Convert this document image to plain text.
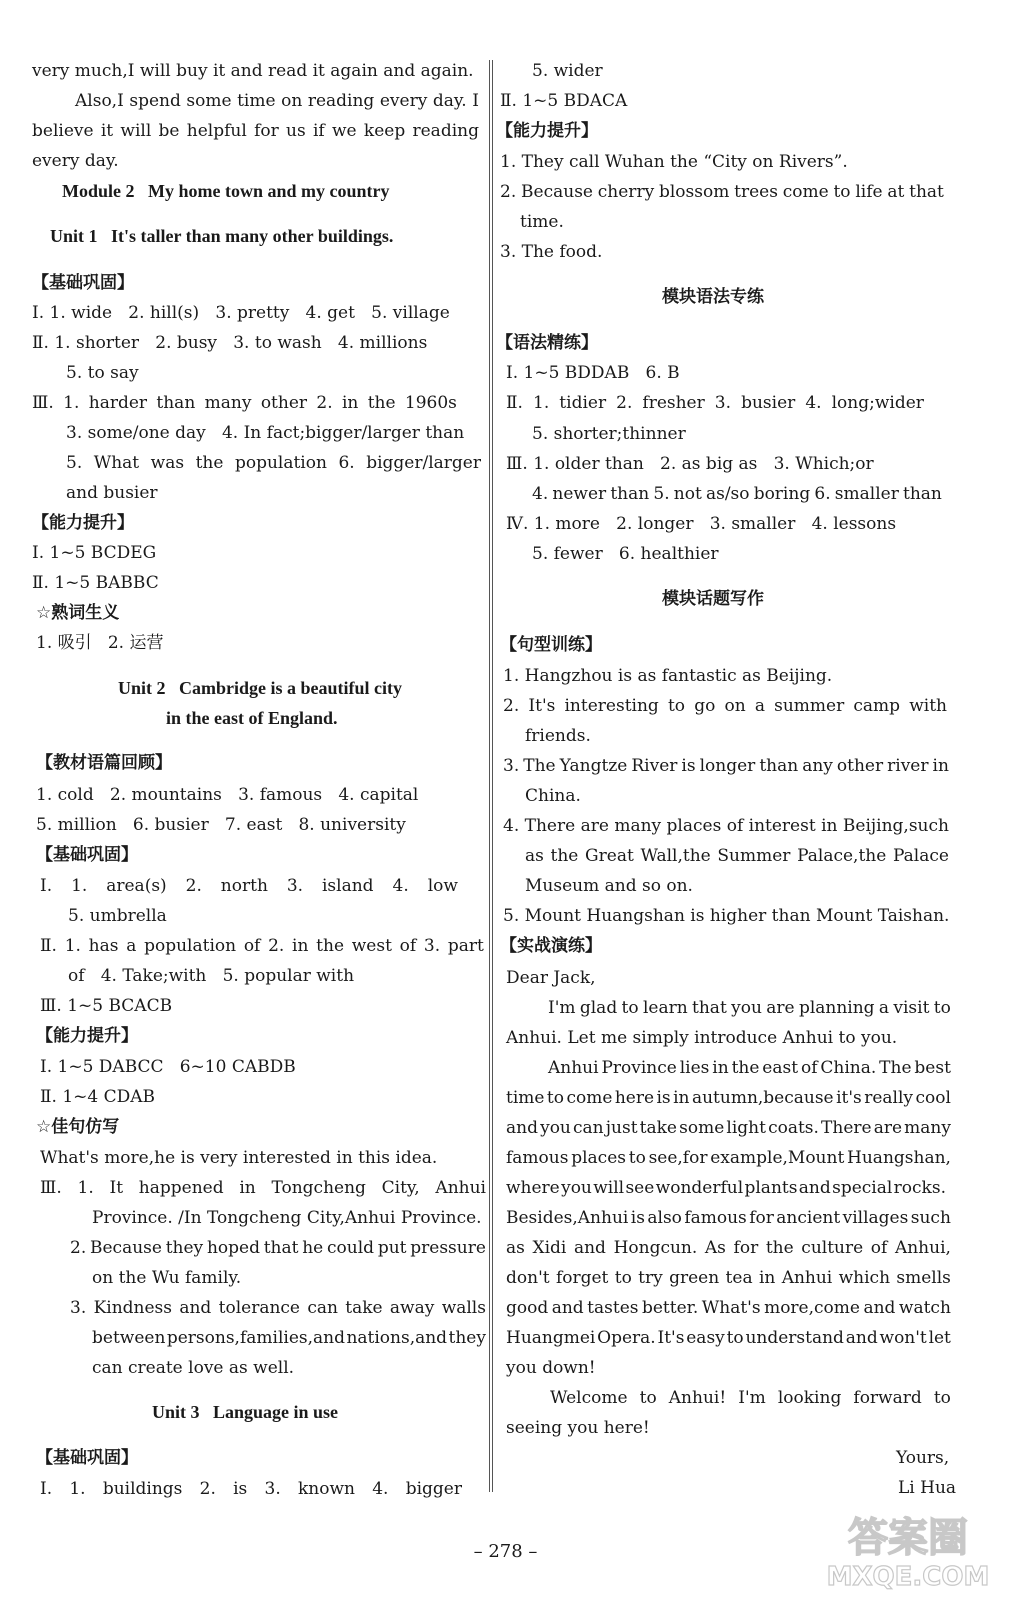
very much,I will buy it and read it again and again.
Also,I spend some time on reading every day. I
believe it will be helpful for us if we keep reading
every day.
Module 2   My home town and my country
Unit 1   It's taller than many other buildings.
【基础巩固】
Ⅰ. 1. wide   2. hill(s)   3. pretty   4. get   5. village
Ⅱ. 1. shorter   2. busy   3. to wash   4. millions
5. to say
Ⅲ. 1. harder than many other 2. in the 1960s
3. some/one day   4. In fact;bigger/larger than
5. What was the population 6. bigger/larger
and busier
【能力提升】
Ⅰ. 1~5 BCDEG
Ⅱ. 1~5 BABBC
☆熟词生义
1. 吸引   2. 运营
Unit 2   Cambridge is a beautiful city
in the east of England.
【教材语篇回顾】
1. cold   2. mountains   3. famous   4. capital
5. million   6. busier   7. east   8. university
【基础巩固】
Ⅰ. 1. area(s) 2. north 3. island 4. low
5. umbrella
Ⅱ. 1. has a population of 2. in the west of 3. part
of   4. Take;with   5. popular with
Ⅲ. 1~5 BCACB
【能力提升】
Ⅰ. 1~5 DABCC   6~10 CABDB
Ⅱ. 1~4 CDAB
☆佳句仿写
What's more,he is very interested in this idea.
Ⅲ. 1. It happened in Tongcheng City, Anhui
Province. /In Tongcheng City,Anhui Province.
2. Because they hoped that he could put pressure
on the Wu family.
3. Kindness and tolerance can take away walls
between persons,families,and nations,and they
can create love as well.
Unit 3   Language in use
【基础巩固】
Ⅰ. 1. buildings 2. is 3. known 4. bigger
5. wider
Ⅱ. 1~5 BDACA
【能力提升】
1. They call Wuhan the “City on Rivers”.
2. Because cherry blossom trees come to life at that
time.
3. The food.
模块语法专练
【语法精练】
Ⅰ. 1~5 BDDAB   6. B
Ⅱ. 1. tidier 2. fresher 3. busier 4. long;wider
5. shorter;thinner
Ⅲ. 1. older than   2. as big as   3. Which;or
4. newer than 5. not as/so boring 6. smaller than
Ⅳ. 1. more   2. longer   3. smaller   4. lessons
5. fewer   6. healthier
模块话题写作
【句型训练】
1. Hangzhou is as fantastic as Beijing.
2. It's interesting to go on a summer camp with
friends.
3. The Yangtze River is longer than any other river in
China.
4. There are many places of interest in Beijing,such
as the Great Wall,the Summer Palace,the Palace
Museum and so on.
5. Mount Huangshan is higher than Mount Taishan.
【实战演练】
Dear Jack,
I'm glad to learn that you are planning a visit to
Anhui. Let me simply introduce Anhui to you.
Anhui Province lies in the east of China. The best
time to come here is in autumn,because it's really cool
and you can just take some light coats. There are many
famous places to see,for example,Mount Huangshan,
where you will see wonderful plants and special rocks.
Besides,Anhui is also famous for ancient villages such
as Xidi and Hongcun. As for the culture of Anhui,
don't forget to try green tea in Anhui which smells
good and tastes better. What's more,come and watch
Huangmei Opera. It's easy to understand and won't let
you down!
Welcome to Anhui! I'm looking forward to
seeing you here!
Yours,
Li Hua
– 278 –	答案圈
MXQE.COM
